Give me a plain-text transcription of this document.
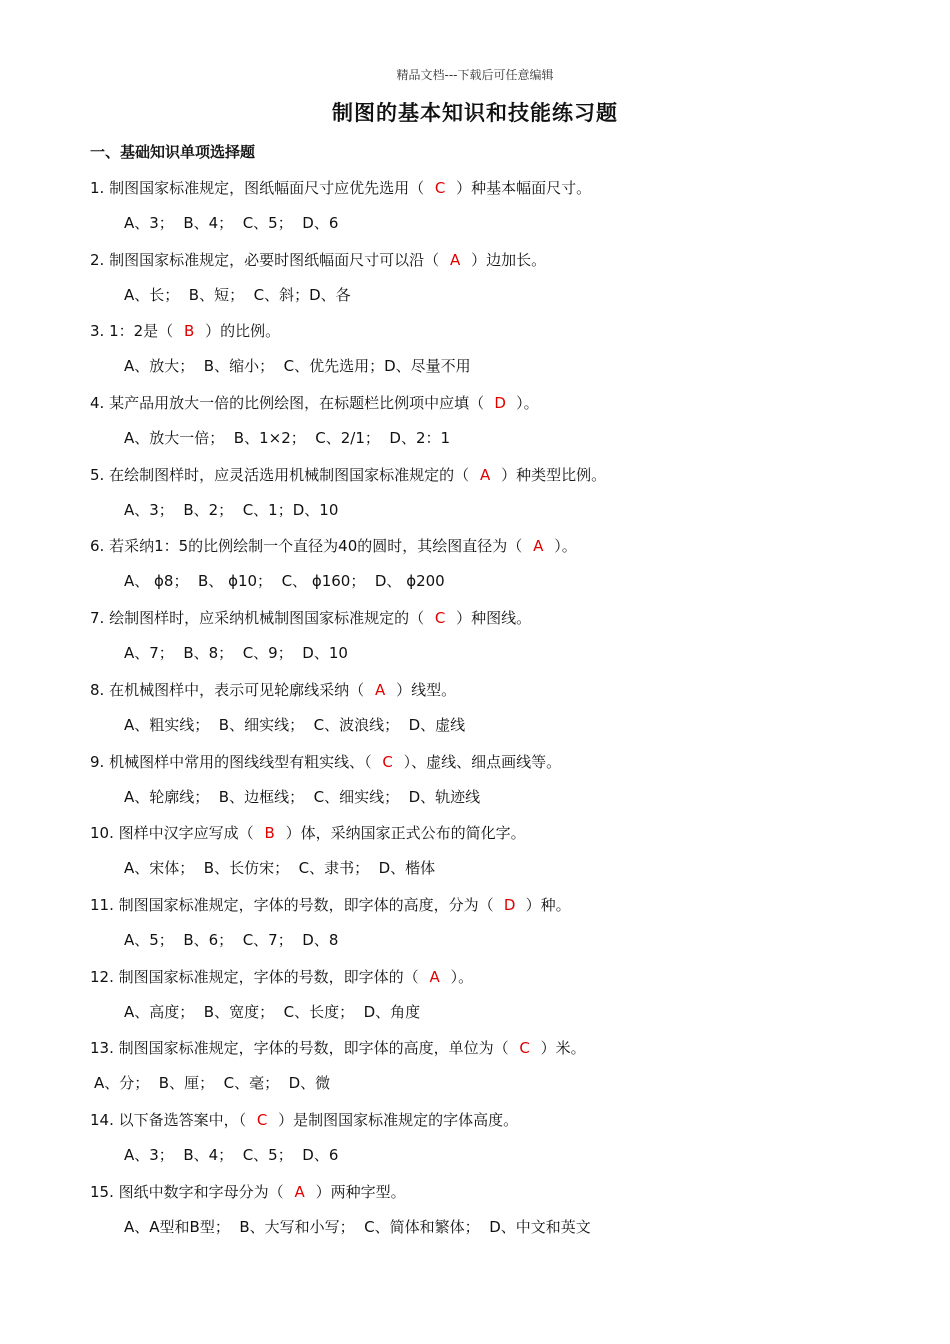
精品文档---下载后可任意编辑
制图的基本知识和技能练习题
一、基础知识单项选择题
1. 制图国家标准规定，图纸幅面尺寸应优先选用（ C ）种基本幅面尺寸。
A、3；  B、4；  C、5；  D、6
2. 制图国家标准规定，必要时图纸幅面尺寸可以沿（ A ）边加长。
A、长；  B、短；  C、斜；D、各
3. 1：2是（ B ）的比例。
A、放大；  B、缩小；  C、优先选用；D、尽量不用
4. 某产品用放大一倍的比例绘图，在标题栏比例项中应填（ D ）。
A、放大一倍；  B、1×2；  C、2/1；  D、2：1
5. 在绘制图样时，应灵活选用机械制图国家标准规定的（ A ）种类型比例。
A、3；  B、2；  C、1；D、10
6. 若采纳1：5的比例绘制一个直径为40的圆时，其绘图直径为（ A ）。
A、 ϕ8；  B、 ϕ10；  C、 ϕ160；  D、 ϕ200
7. 绘制图样时，应采纳机械制图国家标准规定的（ C ）种图线。
A、7；  B、8；  C、9；  D、10
8. 在机械图样中，表示可见轮廓线采纳（ A ）线型。
A、粗实线；  B、细实线；  C、波浪线；  D、虚线
9. 机械图样中常用的图线线型有粗实线、（ C ）、虚线、细点画线等。
A、轮廓线；  B、边框线；  C、细实线；  D、轨迹线
10. 图样中汉字应写成（ B ）体，采纳国家正式公布的简化字。
A、宋体；  B、长仿宋；  C、隶书；  D、楷体
11. 制图国家标准规定，字体的号数，即字体的高度，分为（ D ）种。
A、5；  B、6；  C、7；  D、8
12. 制图国家标准规定，字体的号数，即字体的（ A ）。
A、高度；  B、宽度；  C、长度；  D、角度
13. 制图国家标准规定，字体的号数，即字体的高度，单位为（ C ）米。
A、分；  B、厘；  C、毫；  D、微
14. 以下备选答案中，（ C ）是制图国家标准规定的字体高度。
A、3；  B、4；  C、5；  D、6
15. 图纸中数字和字母分为（ A ）两种字型。
A、A型和B型；  B、大写和小写；  C、简体和繁体；  D、中文和英文
